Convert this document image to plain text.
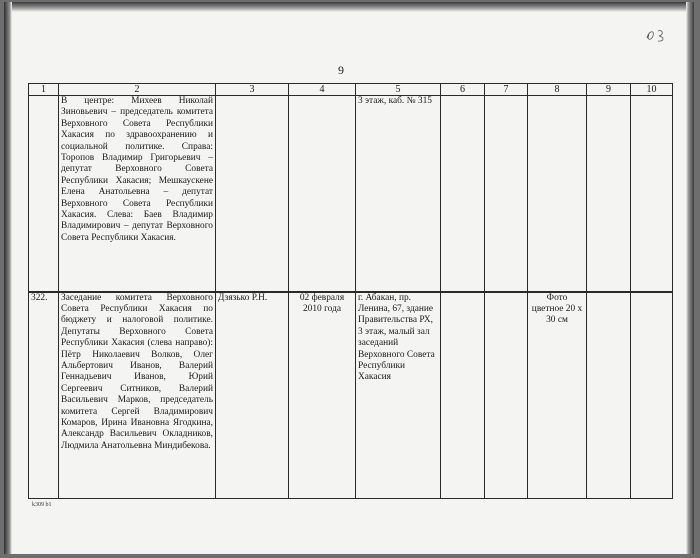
9
1	2	3	4	5	6	7	8	9	10
	В центре: Михеев Николай Зиновьевич – председатель комитета Верховного Совета Республики Хакасия по здравоохранению и социальной политике. Справа: Торопов Владимир Григорьевич – депутат Верховного Совета Республики Хакасия; Мешкаускене Елена Анатольевна – депутат Верховного Совета Республики Хакасия. Слева: Баев Владимир Владимирович – депутат Верховного Совета Республики Хакасия.			3 этаж, каб. № 315					
322.	Заседание комитета Верховного Совета Республики Хакасия по бюджету и налоговой политике. Депутаты Верховного Совета Республики Хакасия (слева направо): Пётр Николаевич Волков, Олег Альбертович Иванов, Валерий Геннадьевич Иванов, Юрий Сергеевич Ситников, Валерий Васильевич Марков, председатель комитета Сергей Владимирович Комаров, Ирина Ивановна Ягодкина, Александр Васильевич Окладников, Людмила Анатольевна Миндибекова.	Дзязько Р.Н.	02 февраля 2010 года	г. Абакан, пр. Ленина, 67, здание Правительства РХ, 3 этаж, малый зал заседаний Верховного Совета Республики Хакасия			Фото цветное 20 x 30 см		
k309 b1
